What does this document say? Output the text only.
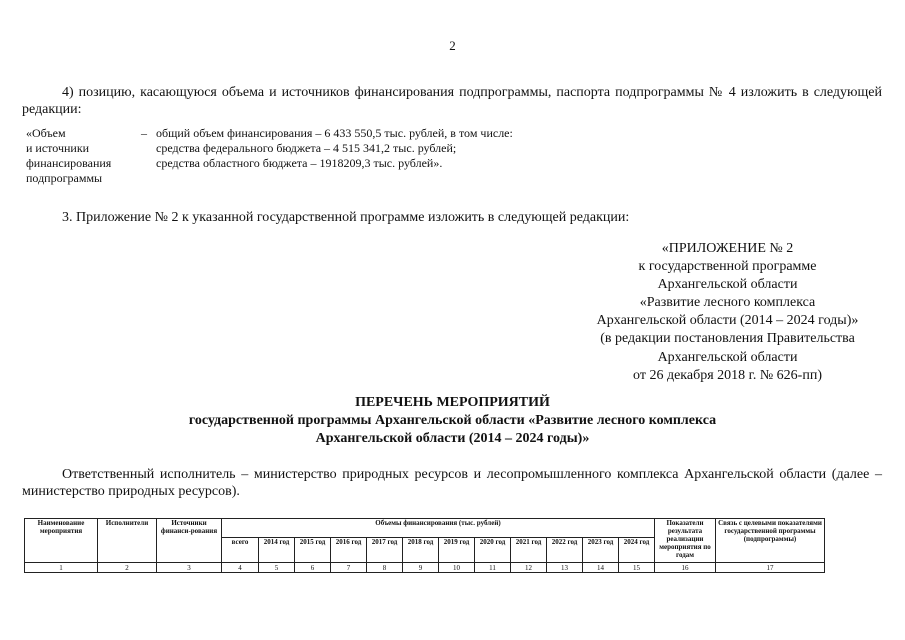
2
4) позицию, касающуюся объема и источников финансирования подпрограммы, паспорта подпрограммы № 4 изложить в следующей редакции:
«Объем
и источники
финансирования
подпрограммы
– общий объем финансирования – 6 433 550,5 тыс. рублей, в том числе:
средства федерального бюджета – 4 515 341,2 тыс. рублей;
средства областного бюджета – 1918209,3 тыс. рублей».
3. Приложение № 2 к указанной государственной программе изложить в следующей редакции:
«ПРИЛОЖЕНИЕ № 2
к государственной программе
Архангельской области
«Развитие лесного комплекса
Архангельской области (2014 – 2024 годы)»
(в редакции постановления Правительства
Архангельской области
от 26 декабря 2018 г. № 626-пп)
ПЕРЕЧЕНЬ МЕРОПРИЯТИЙ
государственной программы Архангельской области «Развитие лесного комплекса
Архангельской области (2014 – 2024 годы)»
Ответственный исполнитель – министерство природных ресурсов и лесопромышленного комплекса Архангельской области (далее – министерство природных ресурсов).
Наименование мероприятия	Исполнители	Источники финанси-рования	Объемы финансирования (тыс. рублей)												Показатели результата реализации мероприятия по годам	Связь с целевыми показателями государственной программы (подпрограммы)
			всего	2014 год	2015 год	2016 год	2017 год	2018 год	2019 год	2020 год	2021 год	2022 год	2023 год	2024 год		
1	2	3	4	5	6	7	8	9	10	11	12	13	14	15	16	17
